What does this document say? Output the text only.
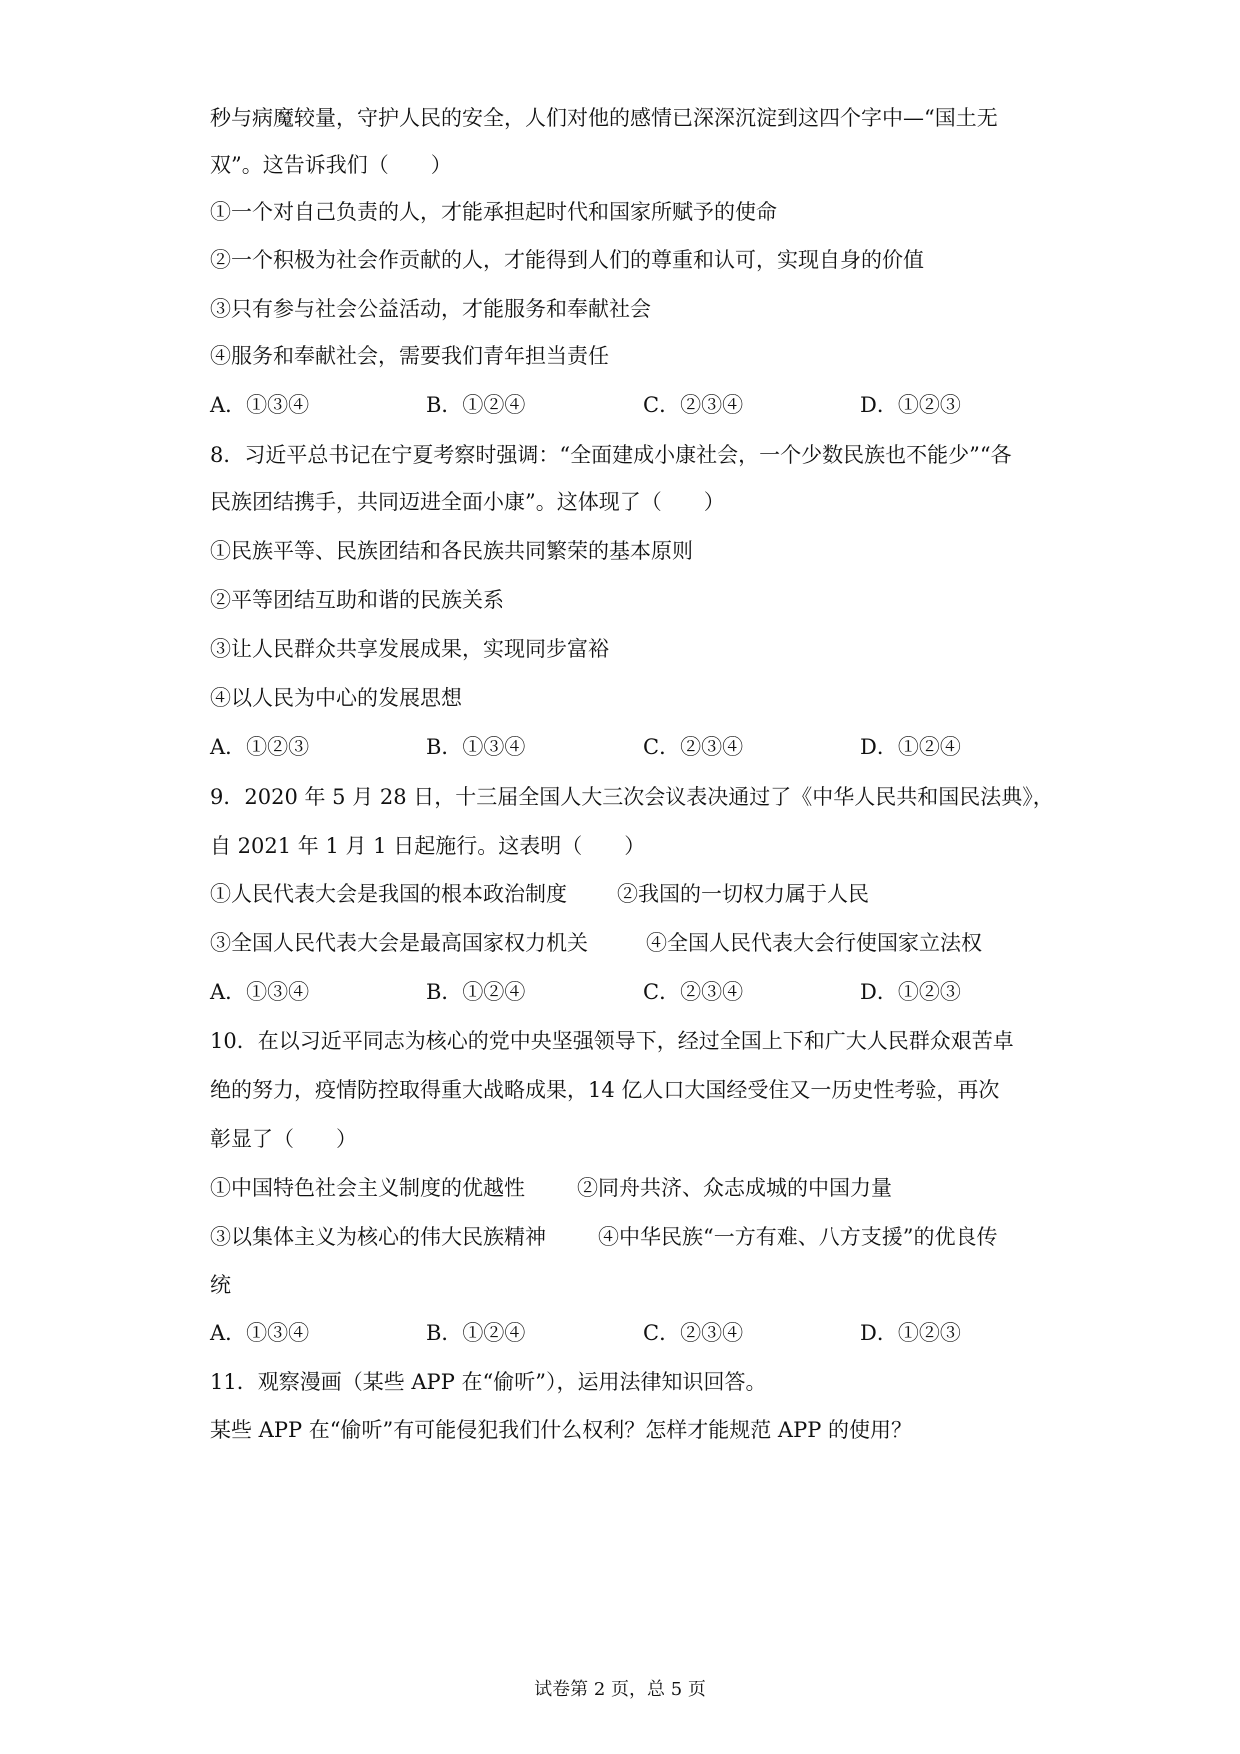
秒与病魔较量，守护人民的安全，人们对他的感情已深深沉淀到这四个字中—“国土无
双”。这告诉我们（　　）
①一个对自己负责的人，才能承担起时代和国家所赋予的使命
②一个积极为社会作贡献的人，才能得到人们的尊重和认可，实现自身的价值
③只有参与社会公益活动，才能服务和奉献社会
④服务和奉献社会，需要我们青年担当责任
A．①③④	B．①②④	C．②③④	D．①②③
8．习近平总书记在宁夏考察时强调：“全面建成小康社会，一个少数民族也不能少”“各
民族团结携手，共同迈进全面小康”。这体现了（　　）
①民族平等、民族团结和各民族共同繁荣的基本原则
②平等团结互助和谐的民族关系
③让人民群众共享发展成果，实现同步富裕
④以人民为中心的发展思想
A．①②③	B．①③④	C．②③④	D．①②④
9．2020 年 5 月 28 日，十三届全国人大三次会议表决通过了《中华人民共和国民法典》，
自 2021 年 1 月 1 日起施行。这表明（　　）
①人民代表大会是我国的根本政治制度 ②我国的一切权力属于人民
③全国人民代表大会是最高国家权力机关	④全国人民代表大会行使国家立法权
A．①③④	B．①②④	C．②③④	D．①②③
10．在以习近平同志为核心的党中央坚强领导下，经过全国上下和广大人民群众艰苦卓
绝的努力，疫情防控取得重大战略成果，14 亿人口大国经受住又一历史性考验，再次
彰显了（　　）
①中国特色社会主义制度的优越性 ②同舟共济、众志成城的中国力量
③以集体主义为核心的伟大民族精神 ④中华民族“一方有难、八方支援”的优良传
统
A．①③④	B．①②④	C．②③④	D．①②③
11．观察漫画（某些 APP 在“偷听”），运用法律知识回答。
某些 APP 在“偷听”有可能侵犯我们什么权利？怎样才能规范 APP 的使用？
试卷第 2 页，总 5 页
